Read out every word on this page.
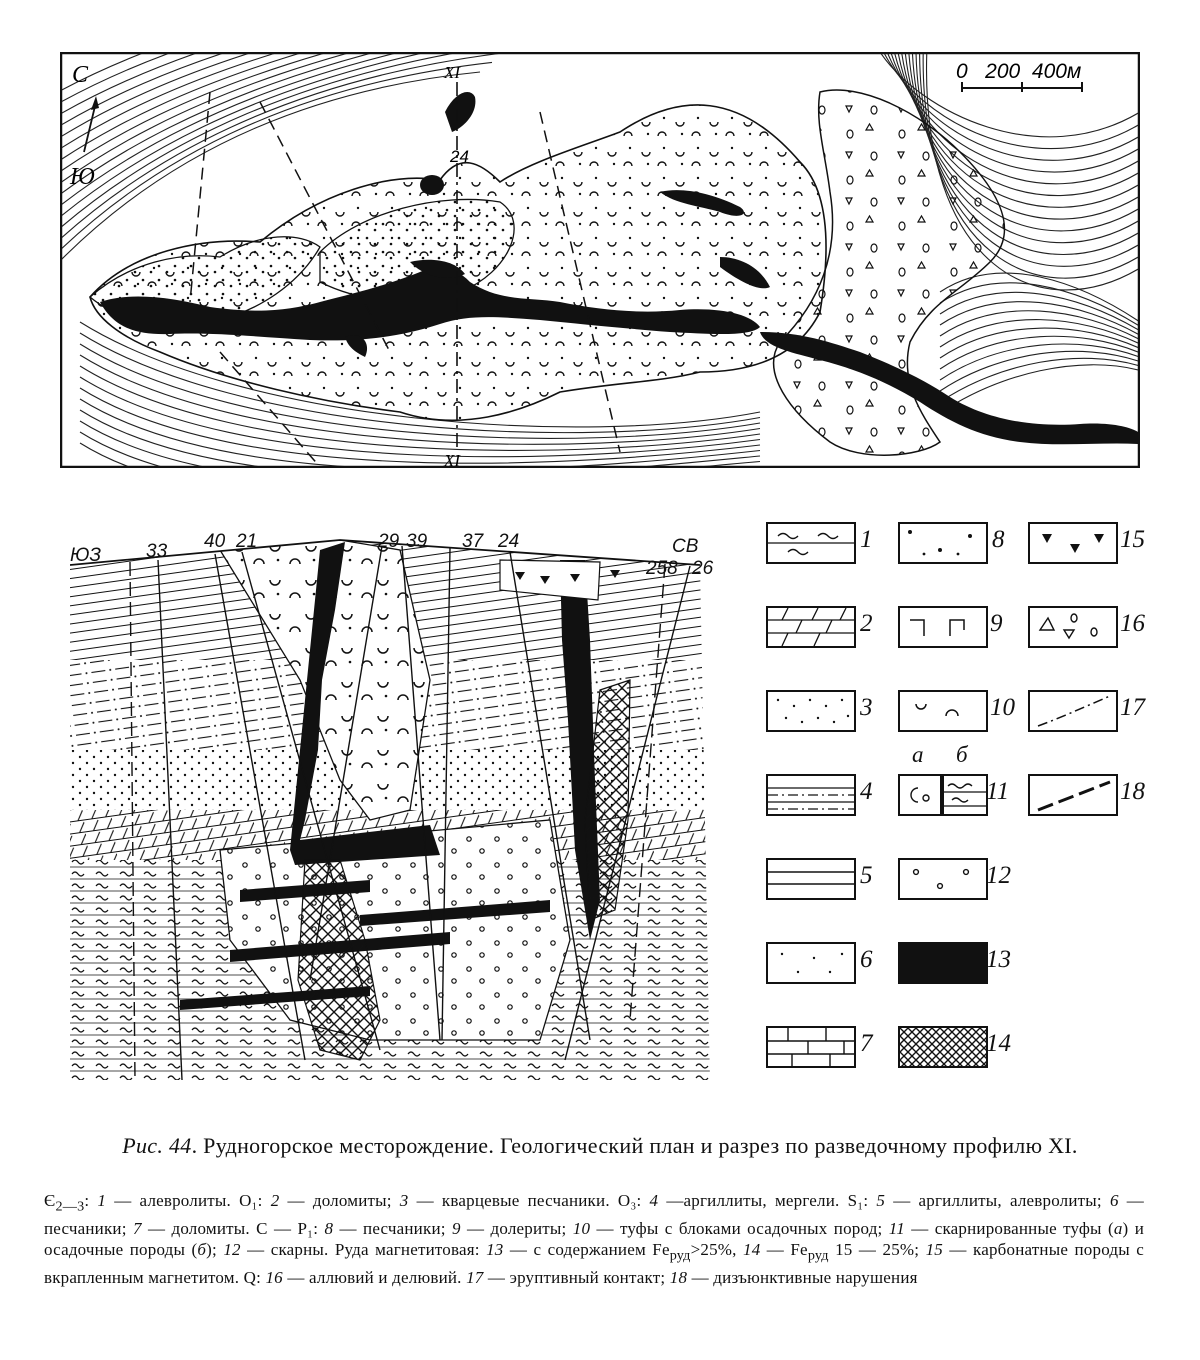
С
Ю
0   200  400м
XI
XI
24
ЮЗ	СВ
33 40 21	29 39 37 24
258 26
1
2
3
4
5
6
7
8
9
10
а б
11
12
13
14
15
16
17
18
Рис. 44. Рудногорское месторождение. Геологический план и разрез по разведочному профилю XI.
$Є_{2—3}$: 1 — алевролиты. O₁: 2 — доломиты; 3 — кварцевые песчаники. O₃: 4 —аргиллиты, мергели. S₁: 5 — аргиллиты, алевролиты; 6 — песчаники; 7 — доломиты. C — P₁: 8 — песчаники; 9 — долериты; 10 — туфы с блоками осадочных пород; 11 — скарнированные туфы (а) и осадочные породы (б); 12 — скарны. Руда магнетитовая: 13 — с содержанием $Fe_{руд}>25\%$, 14 — $Fe_{руд}$ 15 — 25%; 15 — карбонатные породы с вкрапленным магнетитом. Q: 16 — аллювий и делювий. 17 — эруптивный контакт; 18 — дизъюнктивные нарушения
